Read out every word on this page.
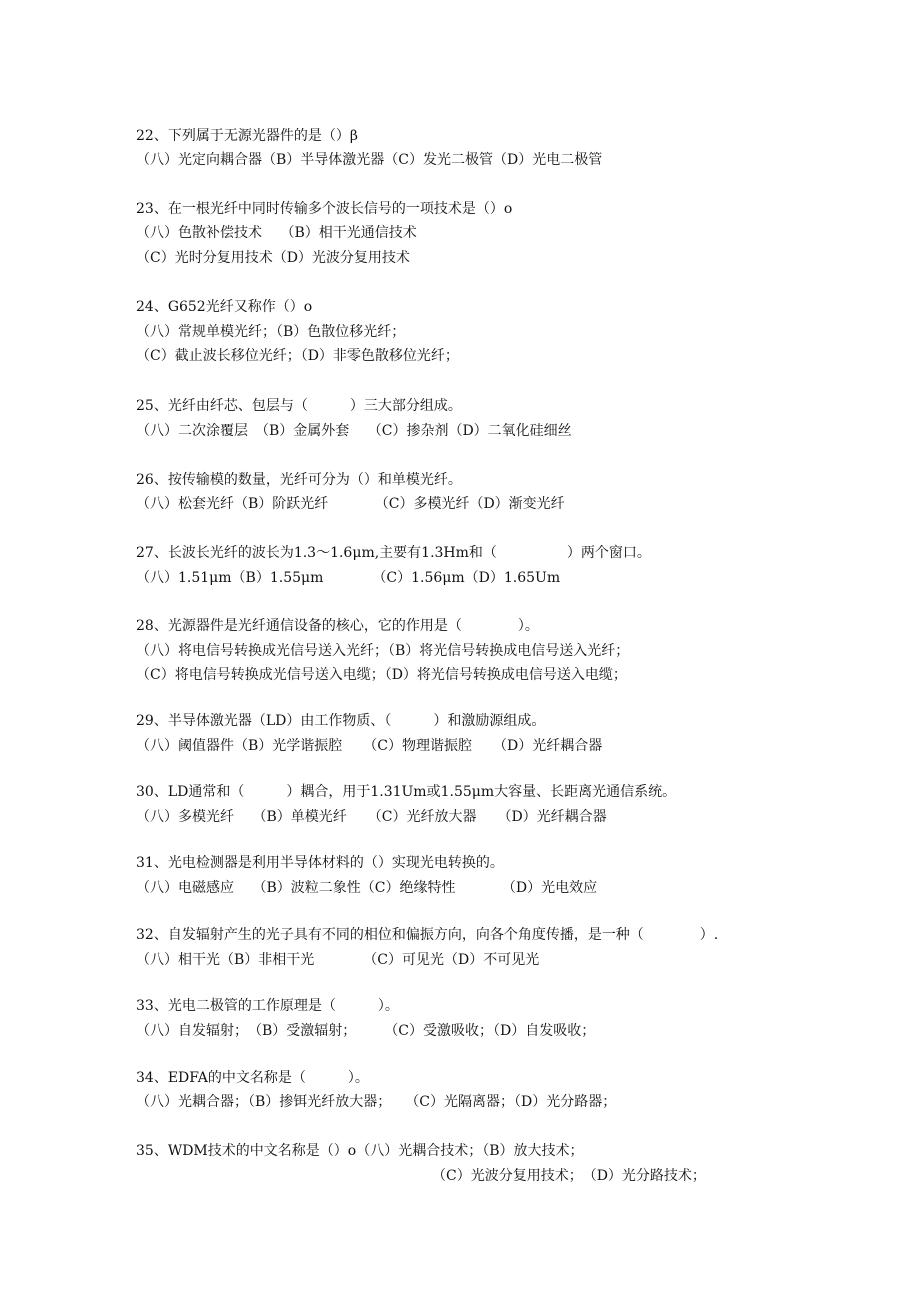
22、下列属于无源光器件的是（）β
（八）光定向耦合器（B）半导体激光器（C）发光二极管（D）光电二极管
23、在一根光纤中同时传输多个波长信号的一项技术是（）o
（八）色散补偿技术　 （B）相干光通信技术
（C）光时分复用技术（D）光波分复用技术
24、G652光纤又称作（）o
（八）常规单模光纤；（B）色散位移光纤；
（C）截止波长移位光纤；（D）非零色散移位光纤；
25、光纤由纤芯、包层与（　　　）三大部分组成。
（八）二次涂覆层　（B）金属外套　 （C）掺杂剂（D）二氧化硅细丝
26、按传输模的数量，光纤可分为（）和单模光纤。
（八）松套光纤（B）阶跃光纤　　　 （C）多模光纤（D）渐变光纤
27、长波长光纤的波长为1.3～1.6μm,主要有1.3Hm和（　　　　　）两个窗口。
（八）1.51μm（B）1.55μm　　　　（C）1.56μm（D）1.65Um
28、光源器件是光纤通信设备的核心，它的作用是（　　　　）。
（八）将电信号转换成光信号送入光纤；（B）将光信号转换成电信号送入光纤；
（C）将电信号转换成光信号送入电缆；（D）将光信号转换成电信号送入电缆；
29、半导体激光器（LD）由工作物质、（　　　）和激励源组成。
（八）阈值器件（B）光学谐振腔　　（C）物理谐振腔　　（D）光纤耦合器
30、LD通常和（　　　）耦合，用于1.31Um或1.55μm大容量、长距离光通信系统。
（八）多模光纤　 （B）单模光纤　　（C）光纤放大器　　（D）光纤耦合器
31、光电检测器是利用半导体材料的（）实现光电转换的。
（八）电磁感应　 （B）波粒二象性（C）绝缘特性　　　 （D）光电效应
32、自发辐射产生的光子具有不同的相位和偏振方向，向各个角度传播，是一种（　　　　）.
（八）相干光（B）非相干光　　　　（C）可见光（D）不可见光
33、光电二极管的工作原理是（　　　）。
（八）自发辐射；　（B）受激辐射；　　　（C）受激吸收；（D）自发吸收；
34、EDFA的中文名称是（　　　）。
（八）光耦合器；（B）掺铒光纤放大器；　　（C）光隔离器；（D）光分路器；
35、WDM技术的中文名称是（）o（八）光耦合技术；（B）放大技术；
（C）光波分复用技术；　（D）光分路技术；
